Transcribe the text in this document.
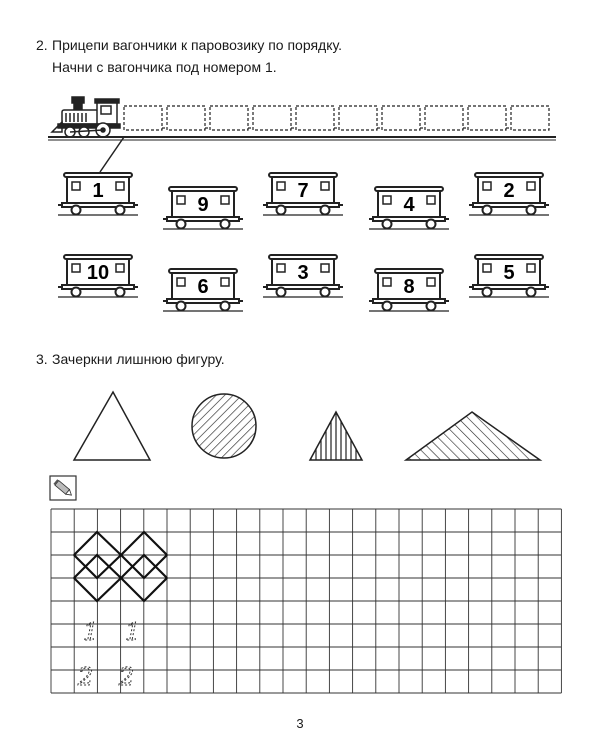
2. Прицепи вагончики к паровозику по порядку.
Начни с вагончика под номером 1.
3. Зачеркни лишнюю фигуру.
1
9
7
4
2
10
6
3
8
5
1 1
2 2
3
